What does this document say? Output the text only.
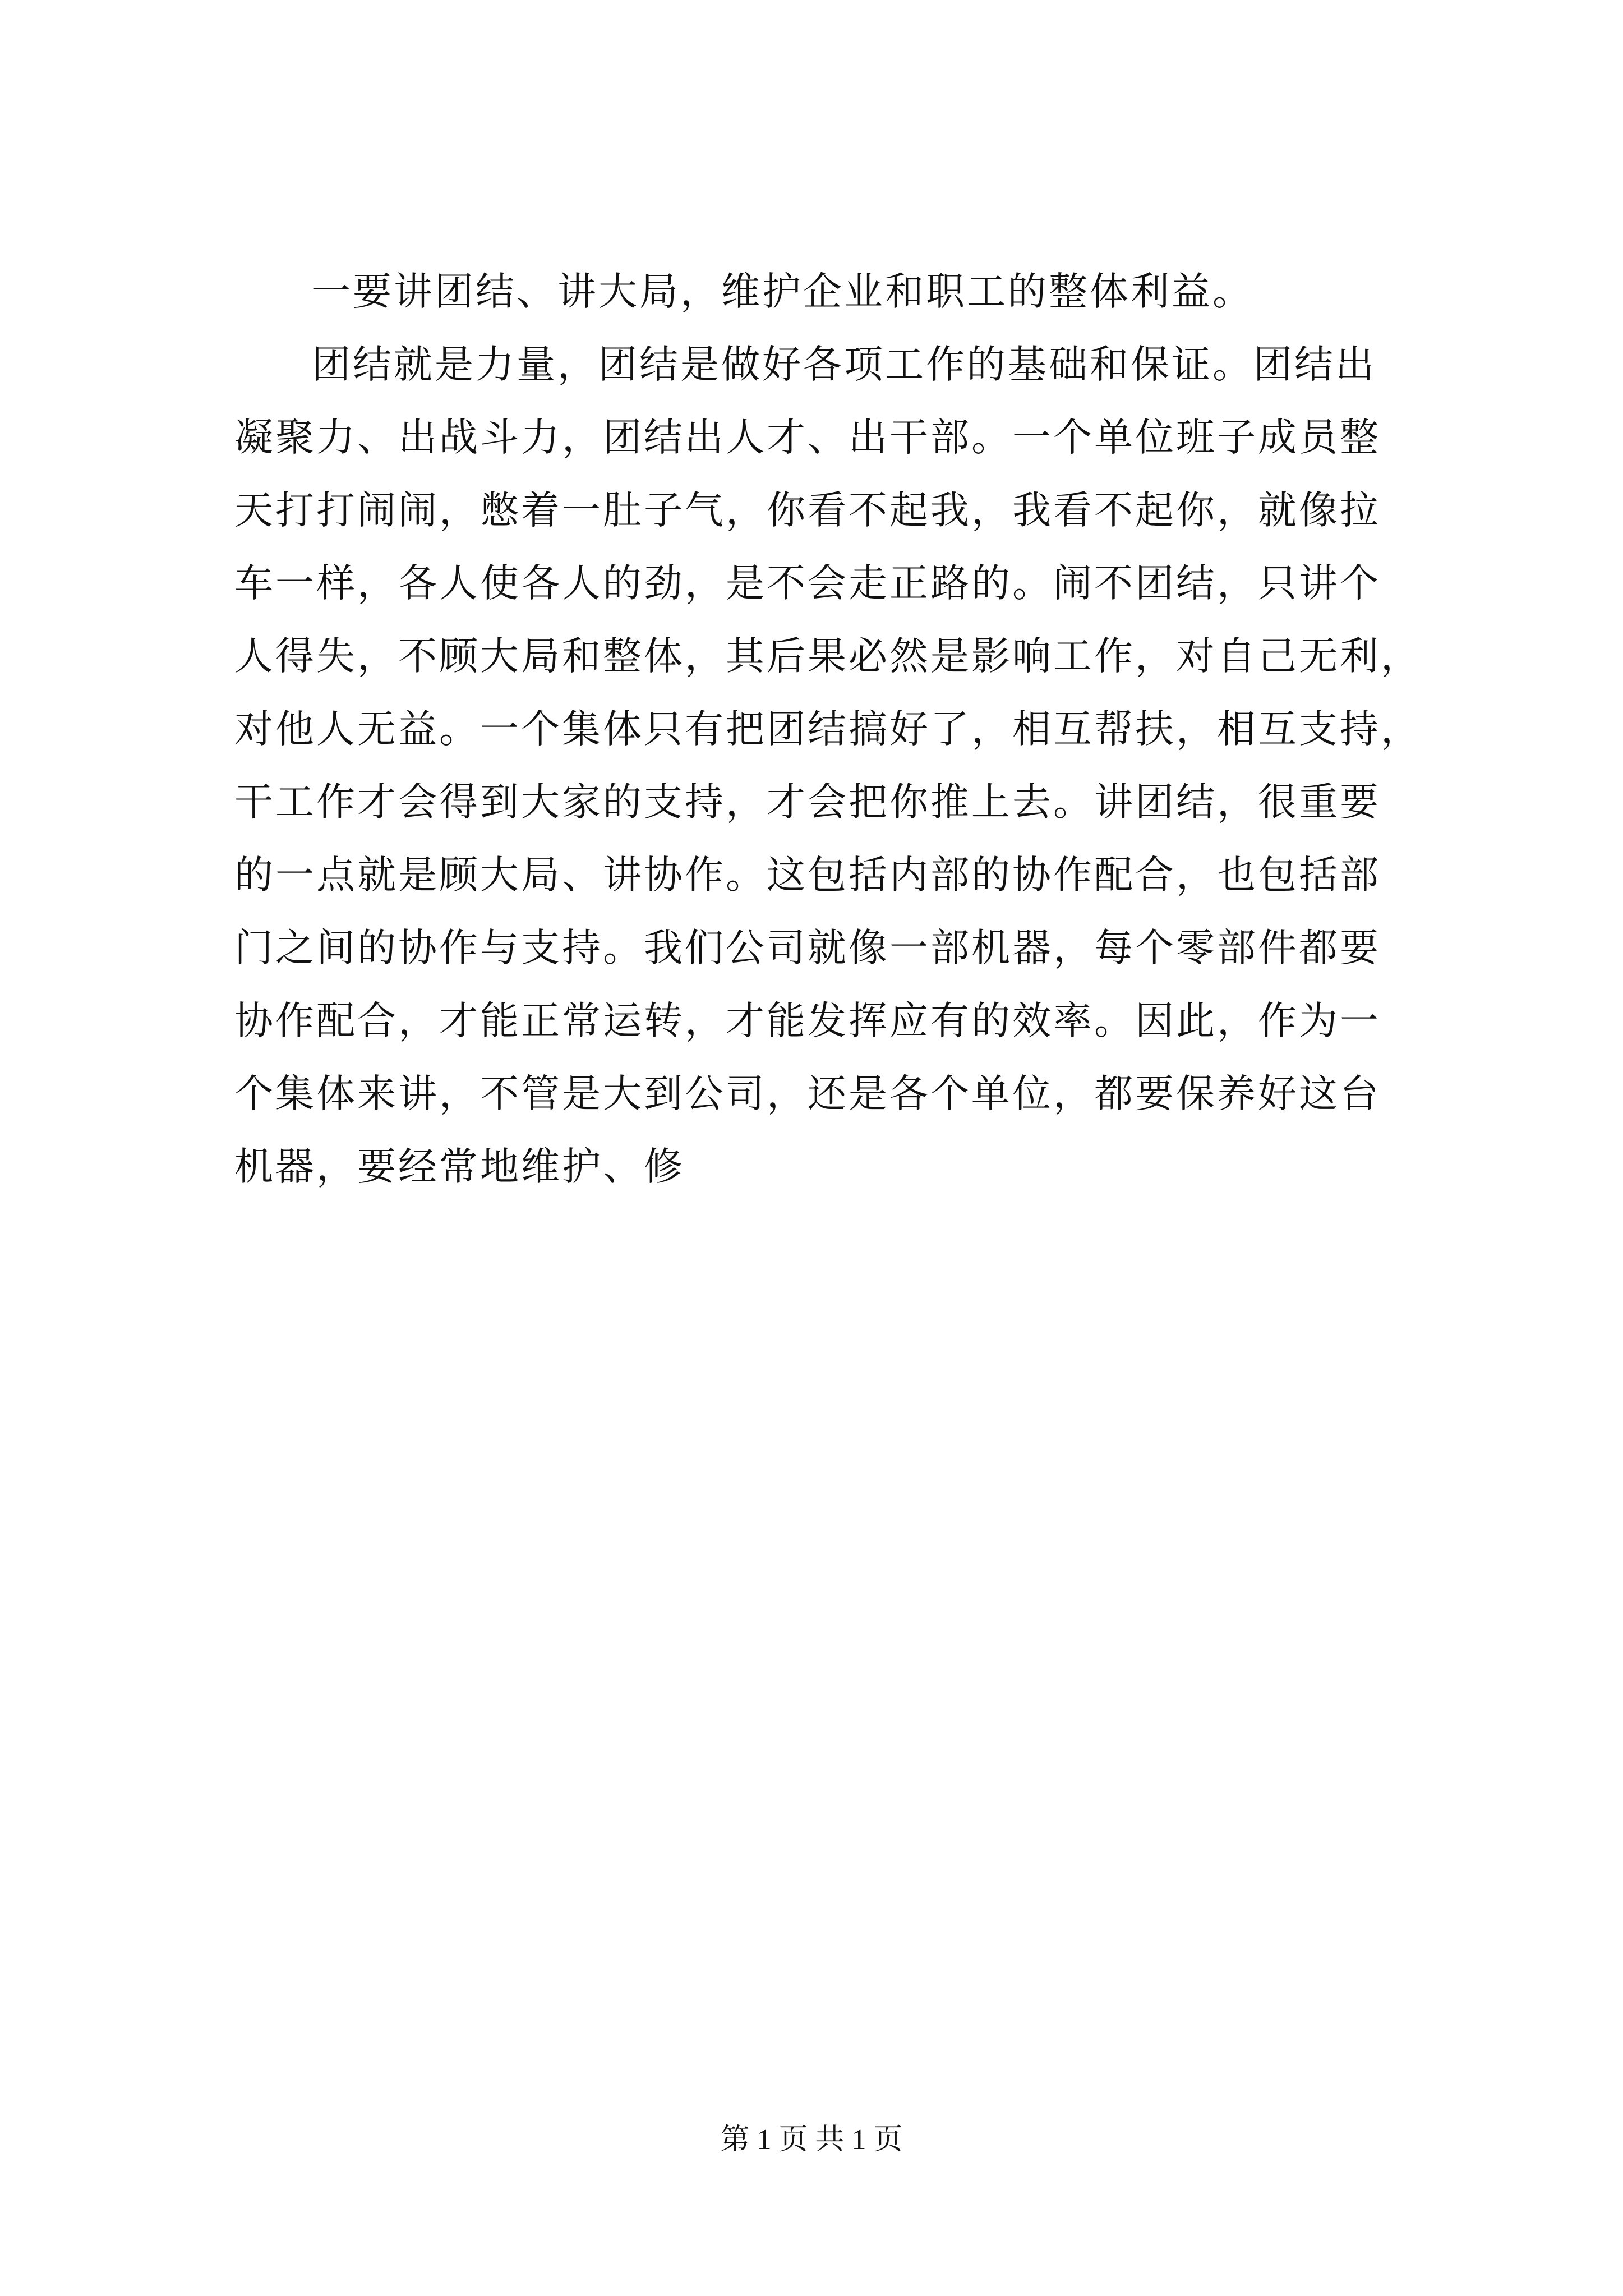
一要讲团结、讲大局，维护企业和职工的整体利益。

团结就是力量，团结是做好各项工作的基础和保证。团结出
凝聚力、出战斗力，团结出人才、出干部。一个单位班子成员整
天打打闹闹，憋着一肚子气，你看不起我，我看不起你，就像拉
车一样，各人使各人的劲，是不会走正路的。闹不团结，只讲个
人得失，不顾大局和整体，其后果必然是影响工作，对自己无利，
对他人无益。一个集体只有把团结搞好了，相互帮扶，相互支持，
干工作才会得到大家的支持，才会把你推上去。讲团结，很重要
的一点就是顾大局、讲协作。这包括内部的协作配合，也包括部
门之间的协作与支持。我们公司就像一部机器，每个零部件都要
协作配合，才能正常运转，才能发挥应有的效率。因此，作为一
个集体来讲，不管是大到公司，还是各个单位，都要保养好这台
机器，要经常地维护、修
第 1 页 共 1 页
